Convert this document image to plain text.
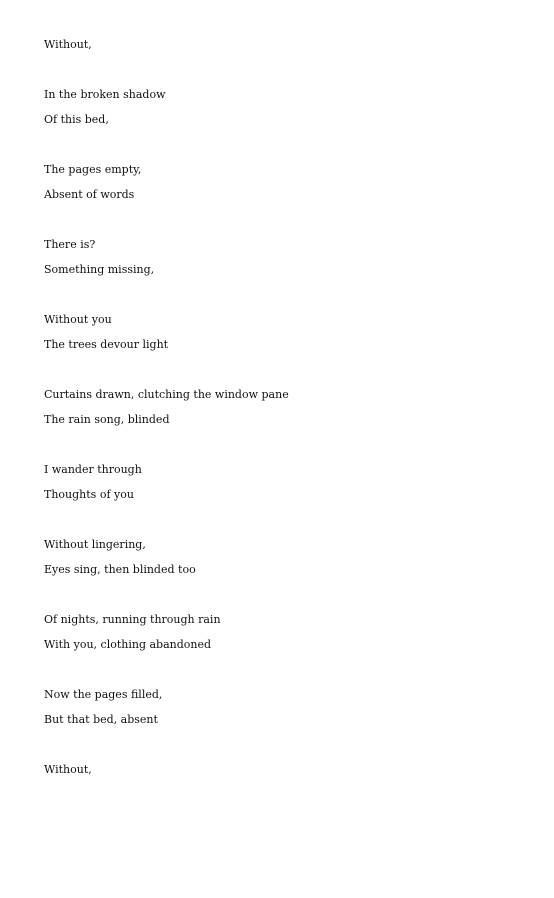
Without,
In the broken shadow
Of this bed,
The pages empty,
Absent of words
There is?
Something missing,
Without you
The trees devour light
Curtains drawn, clutching the window pane
The rain song, blinded
I wander through
Thoughts of you
Without lingering,
Eyes sing, then blinded too
Of nights, running through rain
With you, clothing abandoned
Now the pages filled,
But that bed, absent
Without,
